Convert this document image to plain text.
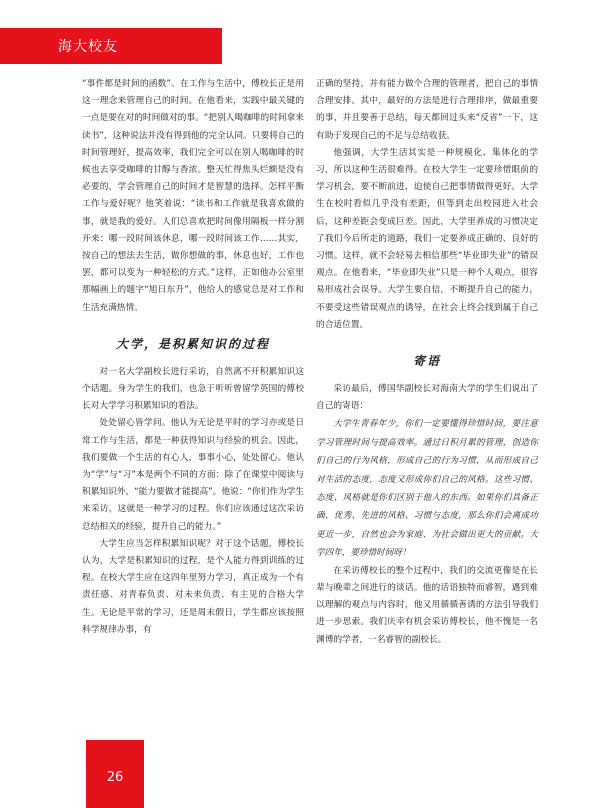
海大校友

“事件都是时间的函数”。在工作与生活中，傅校长正是用这一理念来管理自己的时间。在他看来，实践中最关键的一点是要在对的时间做对的事。“把别人喝咖啡的时间拿来读书”，这种说法并没有得到他的完全认同。只要将自己的时间管理好，提高效率，我们完全可以在别人喝咖啡的时候也去享受咖啡的甘醇与香浓。整天忙得焦头烂额是没有必要的，学会管理自己的时间才是智慧的选择。怎样平衡工作与爱好呢？他笑着说：“读书和工作就是我喜欢做的事，就是我的爱好。人们总喜欢把时间像用隔板一样分割开来：哪一段时间该休息，哪一段时间该工作……其实，按自己的想法去生活，做你想做的事，休息也好，工作也罢，都可以变为一种轻松的方式。”这样，正如他办公室里那幅画上的题字“旭日东升”，他给人的感觉总是对工作和生活充满热情。

大学，是积累知识的过程

对一名大学副校长进行采访，自然离不开积累知识这个话题。身为学生的我们，也急于听听曾留学英国的傅校长对大学学习积累知识的看法。

处处留心皆学问。他认为无论是平时的学习亦或是日常工作与生活，都是一种获得知识与经验的机会。因此，我们要做一个生活的有心人，事事小心，处处留心。他认为“学”与“习”本是两个不同的方面：除了在课堂中阅读与积累知识外，“能力要做才能提高”。他说：“你们作为学生来采访，这就是一种学习的过程。你们应该通过这次采访总结相关的经验，提升自己的能力。”

大学生应当怎样积累知识呢？对于这个话题，傅校长认为，大学是积累知识的过程，是个人能力得到训练的过程。在校大学生应在这四年里努力学习，真正成为一个有责任感、对青春负责、对未来负责、有主见的合格大学生。无论是平常的学习，还是周末假日，学生都应该按照科学规律办事，有

正确的坚持，并有能力做个合理的管理者，把自己的事情合理安排。其中，最好的方法是进行合理排序，做最重要的事，并且要善于总结，每天都回过头来“反省”一下，这有助于发现自己的不足与总结收获。

他强调，大学生活其实是一种规模化、集体化的学习，所以这种生活很难得。在校大学生一定要珍惜眼前的学习机会，要不断前进，迫使自己把事情做得更好。大学生在校时看似几乎没有差距，但等到走出校园进入社会后，这种差距会变成巨差。因此，大学里养成的习惯决定了我们今后所走的道路，我们一定要养成正确的、良好的习惯。这样，就不会轻易去相信那些“毕业即失业”的错误观点。在他看来，“毕业即失业”只是一种个人观点，很容易形成社会误导。大学生要自信，不断提升自己的能力，不要受这些错误观点的诱导，在社会上终会找到属于自己的合适位置。

寄语

采访最后，傅国华副校长对海南大学的学生们说出了自己的寄语：

大学生青春年少，你们一定要懂得珍惜时间，要注意学习管理时间与提高效率。通过日积月累的管理，创造你们自己的行为风格，形成自己的行为习惯，从而形成自己对生活的态度，态度又形成你们自己的风格。这些习惯、态度、风格就是你们区别于他人的东西。如果你们具备正确、优秀、先进的风格、习惯与态度，那么你们会离成功更近一步，自然也会为家庭、为社会做出更大的贡献。大学四年，要珍惜时间呀！

在采访傅校长的整个过程中，我们的交流更像是在长辈与晚辈之间进行的谈话。他的话语独特而睿智，遇到难以理解的观点与内容时，他又用循循善诱的方法引导我们进一步思索。我们庆幸有机会采访傅校长，他不愧是一名渊博的学者，一名睿智的副校长。

26
